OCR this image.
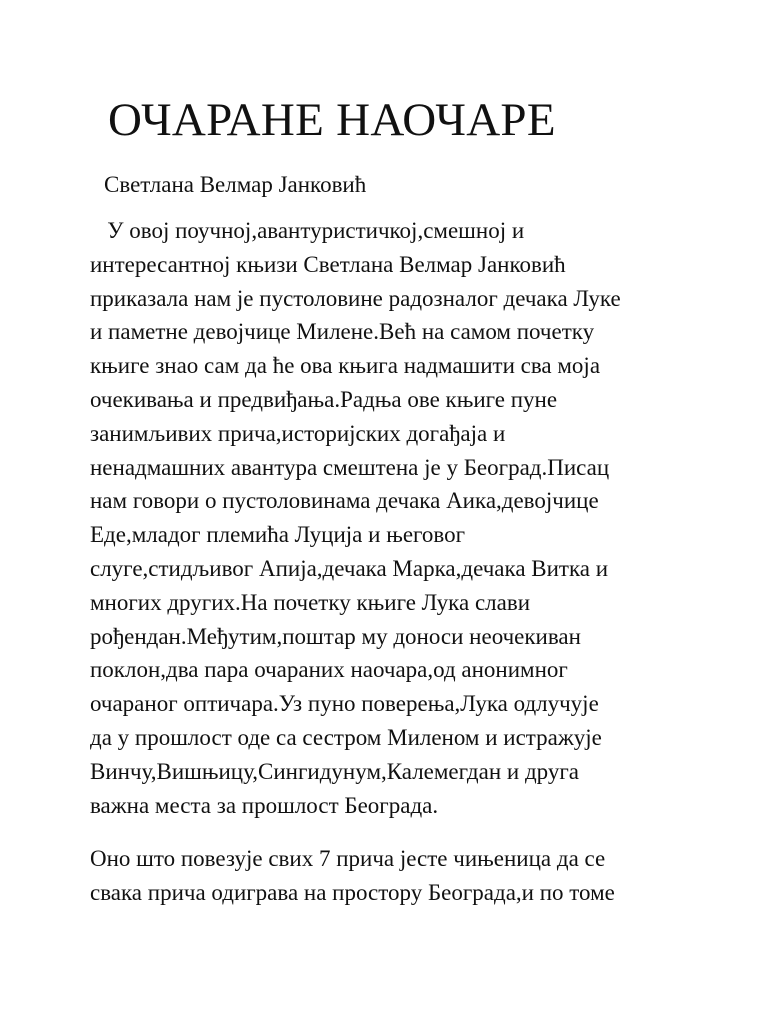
ОЧАРАНЕ НАОЧАРЕ

Светлана Велмар Јанковић

У овој поучној,авантуристичкој,смешној и
интересантној књизи Светлана Велмар Јанковић
приказала нам је пустоловине радозналог дечака Луке
и паметне девојчице Милене.Већ на самом почетку
књиге знао сам да ће ова књига надмашити сва моја
очекивања и предвиђања.Радња ове књиге пуне
занимљивих прича,историјских догађаја и
ненадмашних авантура смештена је у Београд.Писац
нам говори о пустоловинама дечака Аика,девојчице
Еде,младог племића Луција и његовог
слуге,стидљивог Апија,дечака Марка,дечака Витка и
многих других.На почетку књиге Лука слави
рођендан.Међутим,поштар му доноси неочекиван
поклон,два пара очараних наочара,од анонимног
очараног оптичара.Уз пуно поверења,Лука одлучује
да у прошлост оде са сестром Миленом и истражује
Винчу,Вишњицу,Сингидунум,Калемегдан и друга
важна места за прошлост Београда.

Оно што повезује свих 7 прича јесте чињеница да се
свака прича одиграва на простору Београда,и по томе
